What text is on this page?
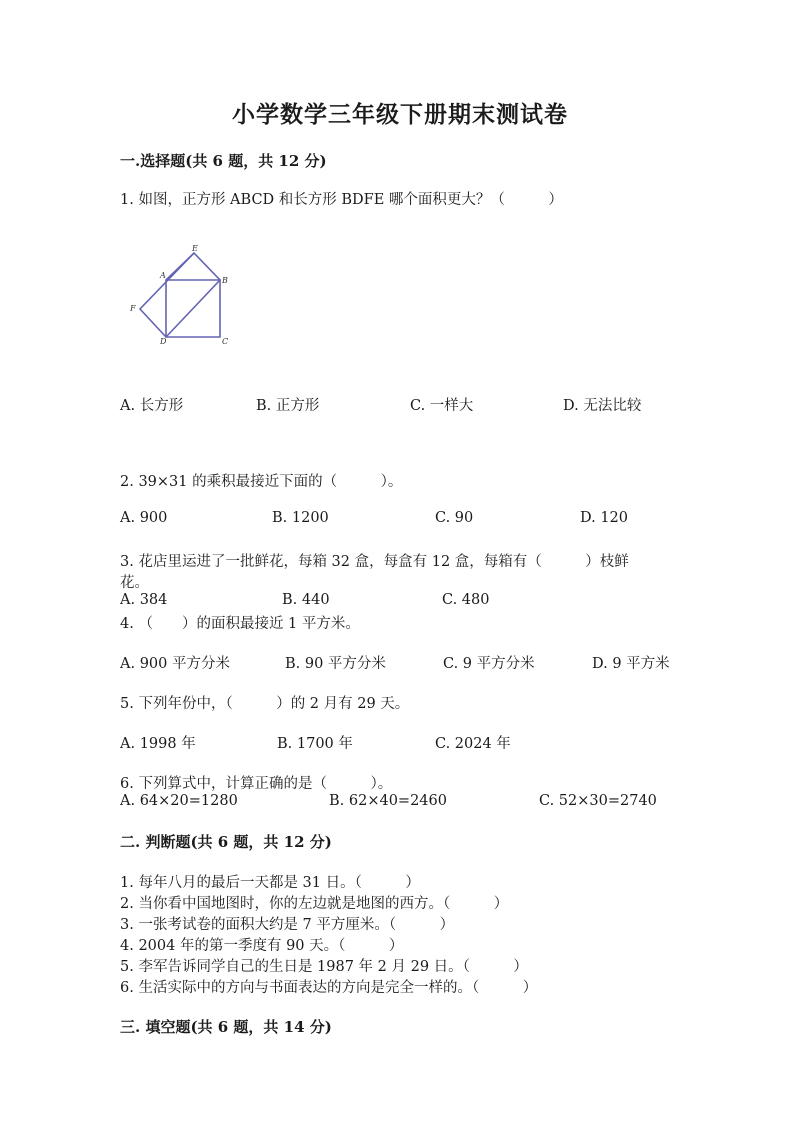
小学数学三年级下册期末测试卷
一.选择题(共 6 题，共 12 分)
1. 如图，正方形 ABCD 和长方形 BDFE 哪个面积更大？（　　　）
E
A
B
F
D	C
A. 长方形	B. 正方形	C. 一样大	D. 无法比较
2. 39×31 的乘积最接近下面的（　　　）。
A. 900	B. 1200	C. 90	D. 120
3. 花店里运进了一批鲜花，每箱 32 盒，每盒有 12 盒，每箱有（　　　）枝鲜
花。
A. 384	B. 440	C. 480
4. （　　）的面积最接近 1 平方米。
A. 900 平方分米	B. 90 平方分米	C. 9 平方分米	D. 9 平方米
5. 下列年份中，（　　　）的 2 月有 29 天。
A. 1998 年	B. 1700 年	C. 2024 年
6. 下列算式中，计算正确的是（　　　）。
A. 64×20=1280	B. 62×40=2460	C. 52×30=2740
二. 判断题(共 6 题，共 12 分)
1. 每年八月的最后一天都是 31 日。（　　　）
2. 当你看中国地图时，你的左边就是地图的西方。（　　　）
3. 一张考试卷的面积大约是 7 平方厘米。（　　　）
4. 2004 年的第一季度有 90 天。（　　　）
5. 李军告诉同学自己的生日是 1987 年 2 月 29 日。（　　　）
6. 生活实际中的方向与书面表达的方向是完全一样的。（　　　）
三. 填空题(共 6 题，共 14 分)
